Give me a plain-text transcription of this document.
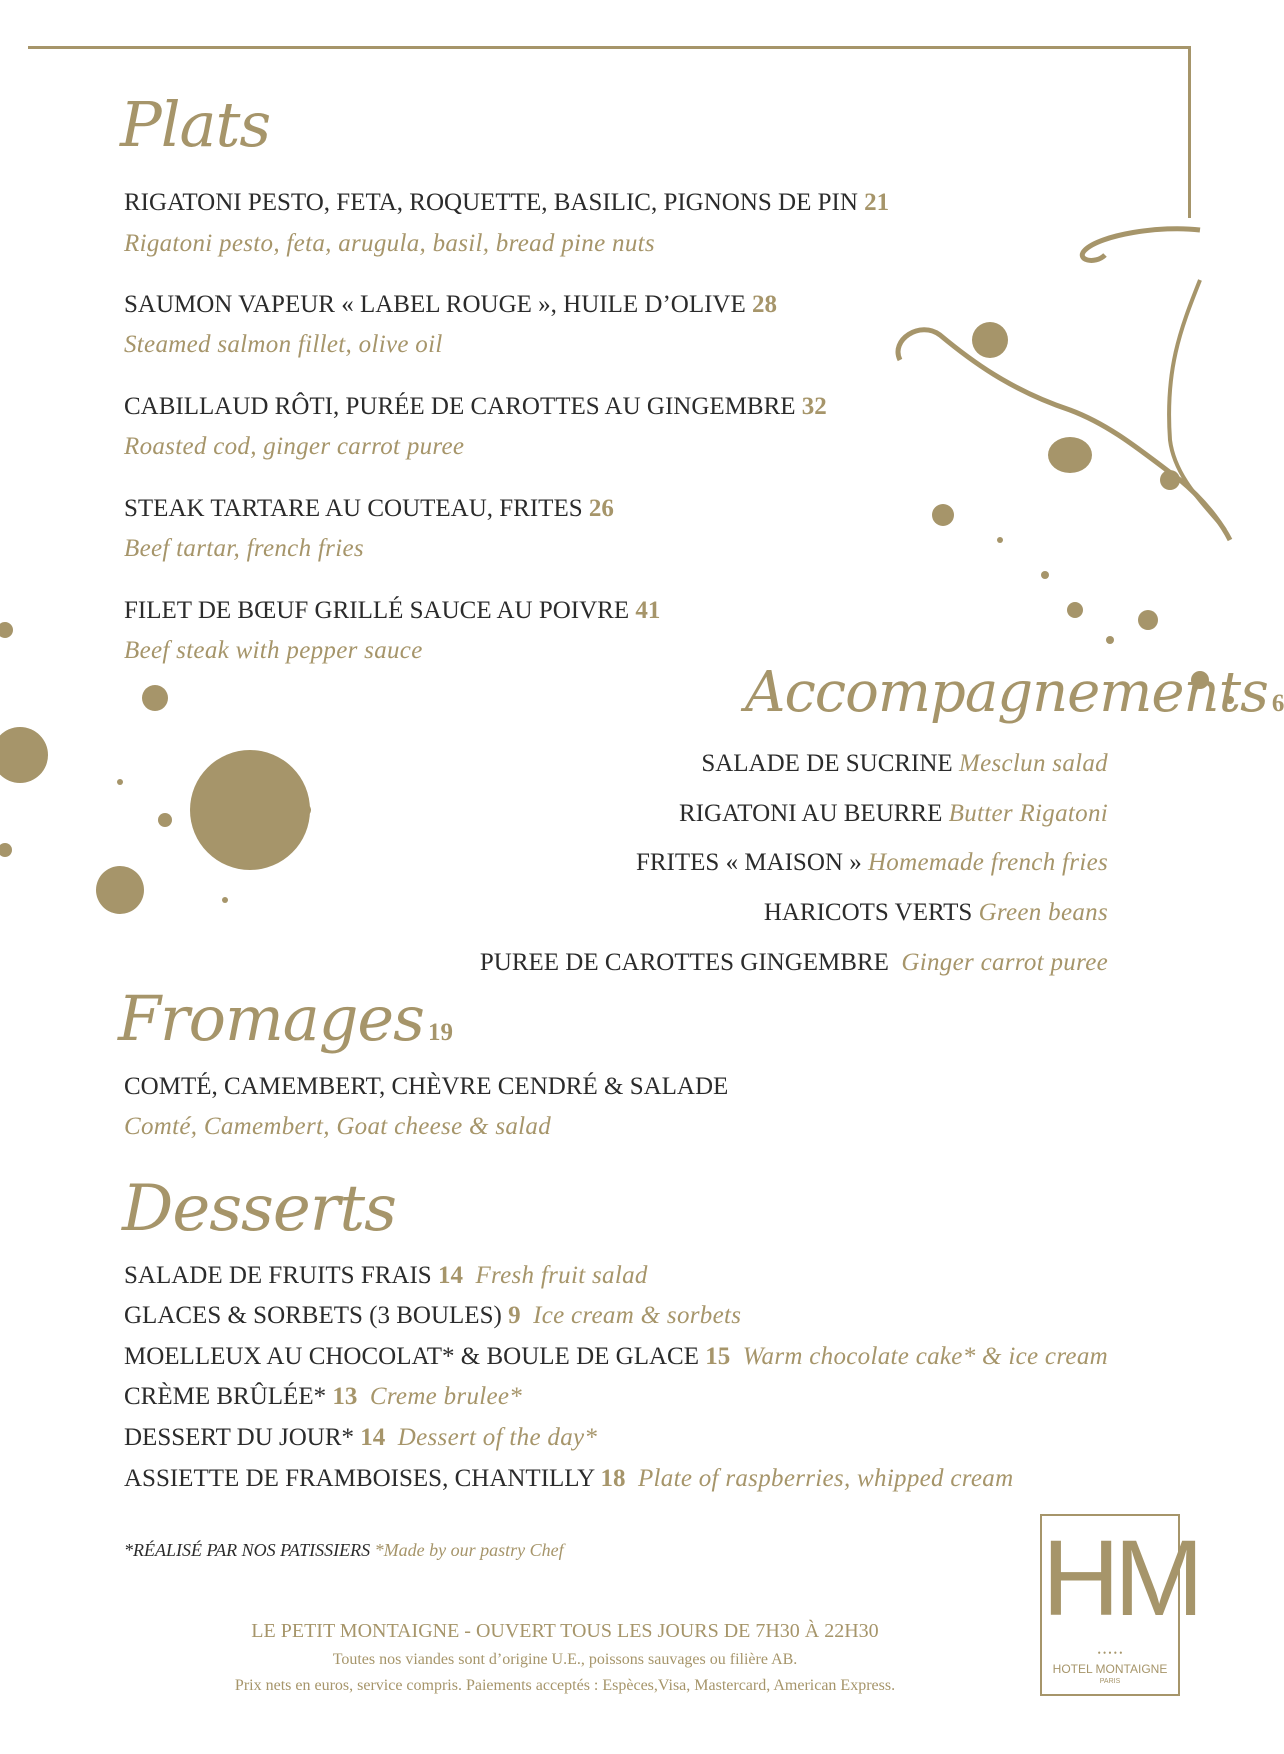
Plats
RIGATONI PESTO, FETA, ROQUETTE, BASILIC, PIGNONS DE PIN 21
Rigatoni pesto, feta, arugula, basil, bread pine nuts
SAUMON VAPEUR « LABEL ROUGE », HUILE D’OLIVE 28
Steamed salmon fillet, olive oil
CABILLAUD RÔTI, PURÉE DE CAROTTES AU GINGEMBRE 32
Roasted cod, ginger carrot puree
STEAK TARTARE AU COUTEAU, FRITES 26
Beef tartar, french fries
FILET DE BŒUF GRILLÉ SAUCE AU POIVRE 41
Beef steak with pepper sauce
Accompagnements 6
SALADE DE SUCRINE Mesclun salad
RIGATONI AU BEURRE Butter Rigatoni
FRITES « MAISON » Homemade french fries
HARICOTS VERTS Green beans
PUREE DE CAROTTES GINGEMBRE Ginger carrot puree
Fromages 19
COMTÉ, CAMEMBERT, CHÈVRE CENDRÉ & SALADE
Comté, Camembert, Goat cheese & salad
Desserts
SALADE DE FRUITS FRAIS 14 Fresh fruit salad
GLACES & SORBETS (3 BOULES) 9 Ice cream & sorbets
MOELLEUX AU CHOCOLAT* & BOULE DE GLACE 15 Warm chocolate cake* & ice cream
CRÈME BRÛLÉE* 13 Creme brulee*
DESSERT DU JOUR* 14 Dessert of the day*
ASSIETTE DE FRAMBOISES, CHANTILLY 18 Plate of raspberries, whipped cream
*RÉALISÉ PAR NOS PATISSIERS *Made by our pastry Chef
LE PETIT MONTAIGNE - OUVERT TOUS LES JOURS DE 7H30 À 22H30
Toutes nos viandes sont d’origine U.E., poissons sauvages ou filière AB.
Prix nets en euros, service compris. Paiements acceptés : Espèces,Visa, Mastercard, American Express.
HM
• • • • •
HOTEL MONTAIGNE
PARIS
